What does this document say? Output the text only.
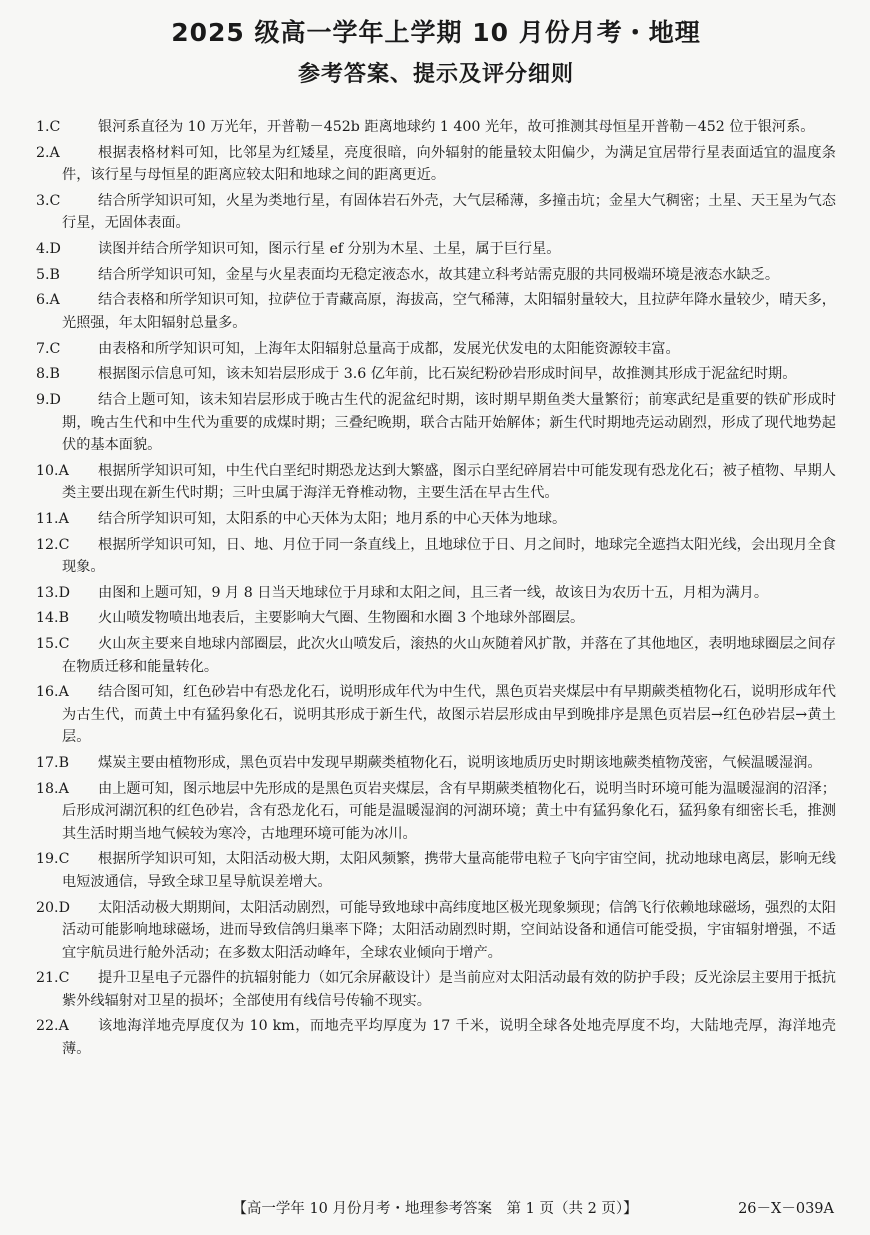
2025 级高一学年上学期 10 月份月考・地理
参考答案、提示及评分细则
1.C	银河系直径为 10 万光年，开普勒－452b 距离地球约 1 400 光年，故可推测其母恒星开普勒－452 位于银河系。
2.A	根据表格材料可知，比邻星为红矮星，亮度很暗，向外辐射的能量较太阳偏少，为满足宜居带行星表面适宜的温度条件，该行星与母恒星的距离应较太阳和地球之间的距离更近。
3.C	结合所学知识可知，火星为类地行星，有固体岩石外壳，大气层稀薄，多撞击坑；金星大气稠密；土星、天王星为气态行星，无固体表面。
4.D	读图并结合所学知识可知，图示行星 ef 分别为木星、土星，属于巨行星。
5.B	结合所学知识可知，金星与火星表面均无稳定液态水，故其建立科考站需克服的共同极端环境是液态水缺乏。
6.A	结合表格和所学知识可知，拉萨位于青藏高原，海拔高，空气稀薄，太阳辐射量较大，且拉萨年降水量较少，晴天多，光照强，年太阳辐射总量多。
7.C	由表格和所学知识可知，上海年太阳辐射总量高于成都，发展光伏发电的太阳能资源较丰富。
8.B	根据图示信息可知，该未知岩层形成于 3.6 亿年前，比石炭纪粉砂岩形成时间早，故推测其形成于泥盆纪时期。
9.D	结合上题可知，该未知岩层形成于晚古生代的泥盆纪时期，该时期早期鱼类大量繁衍；前寒武纪是重要的铁矿形成时期，晚古生代和中生代为重要的成煤时期；三叠纪晚期，联合古陆开始解体；新生代时期地壳运动剧烈，形成了现代地势起伏的基本面貌。
10.A	根据所学知识可知，中生代白垩纪时期恐龙达到大繁盛，图示白垩纪碎屑岩中可能发现有恐龙化石；被子植物、早期人类主要出现在新生代时期；三叶虫属于海洋无脊椎动物，主要生活在早古生代。
11.A	结合所学知识可知，太阳系的中心天体为太阳；地月系的中心天体为地球。
12.C	根据所学知识可知，日、地、月位于同一条直线上，且地球位于日、月之间时，地球完全遮挡太阳光线，会出现月全食现象。
13.D	由图和上题可知，9 月 8 日当天地球位于月球和太阳之间，且三者一线，故该日为农历十五，月相为满月。
14.B	火山喷发物喷出地表后，主要影响大气圈、生物圈和水圈 3 个地球外部圈层。
15.C	火山灰主要来自地球内部圈层，此次火山喷发后，滚热的火山灰随着风扩散，并落在了其他地区，表明地球圈层之间存在物质迁移和能量转化。
16.A	结合图可知，红色砂岩中有恐龙化石，说明形成年代为中生代，黑色页岩夹煤层中有早期蕨类植物化石，说明形成年代为古生代，而黄土中有猛犸象化石，说明其形成于新生代，故图示岩层形成由早到晚排序是黑色页岩层→红色砂岩层→黄土层。
17.B	煤炭主要由植物形成，黑色页岩中发现早期蕨类植物化石，说明该地质历史时期该地蕨类植物茂密，气候温暖湿润。
18.A	由上题可知，图示地层中先形成的是黑色页岩夹煤层，含有早期蕨类植物化石，说明当时环境可能为温暖湿润的沼泽；后形成河湖沉积的红色砂岩，含有恐龙化石，可能是温暖湿润的河湖环境；黄土中有猛犸象化石，猛犸象有细密长毛，推测其生活时期当地气候较为寒冷，古地理环境可能为冰川。
19.C	根据所学知识可知，太阳活动极大期，太阳风频繁，携带大量高能带电粒子飞向宇宙空间，扰动地球电离层，影响无线电短波通信，导致全球卫星导航误差增大。
20.D	太阳活动极大期期间，太阳活动剧烈，可能导致地球中高纬度地区极光现象频现；信鸽飞行依赖地球磁场，强烈的太阳活动可能影响地球磁场，进而导致信鸽归巢率下降；太阳活动剧烈时期，空间站设备和通信可能受损，宇宙辐射增强，不适宜宇航员进行舱外活动；在多数太阳活动峰年，全球农业倾向于增产。
21.C	提升卫星电子元器件的抗辐射能力（如冗余屏蔽设计）是当前应对太阳活动最有效的防护手段；反光涂层主要用于抵抗紫外线辐射对卫星的损坏；全部使用有线信号传输不现实。
22.A	该地海洋地壳厚度仅为 10 km，而地壳平均厚度为 17 千米，说明全球各处地壳厚度不均，大陆地壳厚，海洋地壳薄。
【高一学年 10 月份月考・地理参考答案　第 1 页（共 2 页）】	26－X－039A
